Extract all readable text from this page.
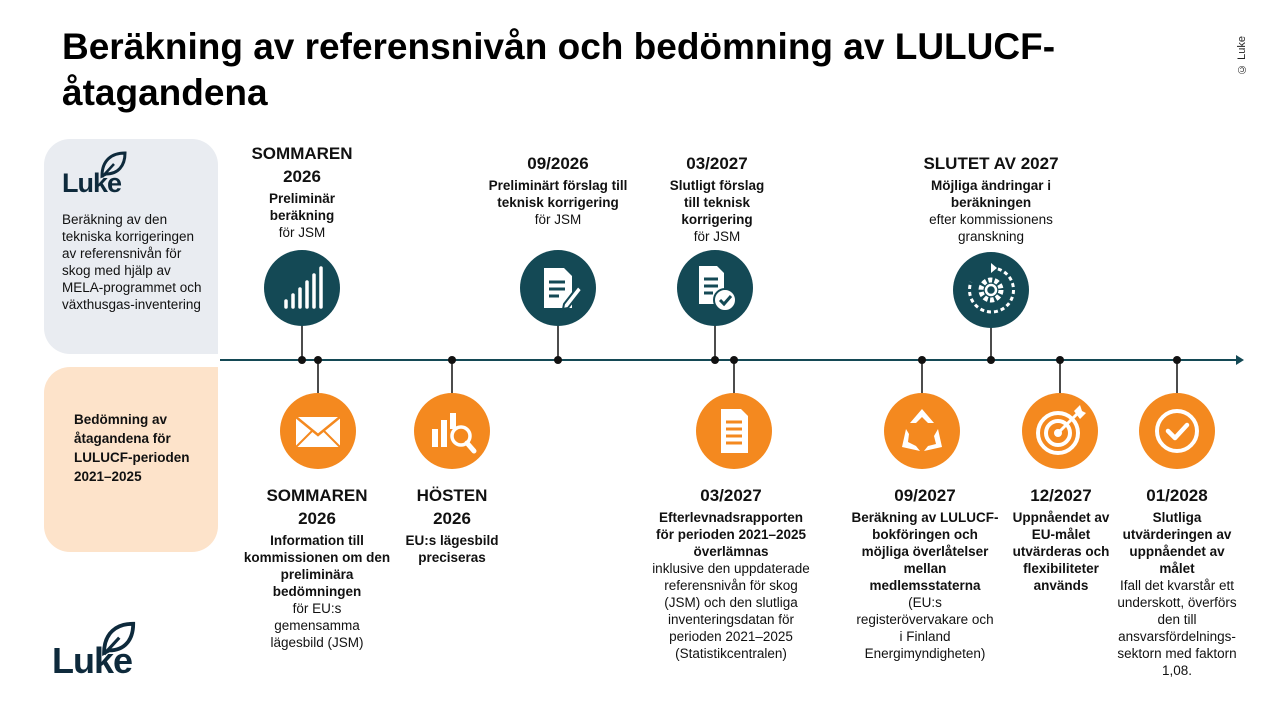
Beräkning av referensnivån och bedömning av LULUCF-åtagandena
© Luke
Luke
Beräkning av den tekniska korrigeringen av referensnivån för skog med hjälp av MELA-programmet och växthusgas-inventering
Bedömning av åtagandena för LULUCF-perioden 2021–2025
Luke
SOMMAREN 2026
Preliminär beräkning
för JSM
09/2026
Preliminärt förslag till teknisk korrigering
för JSM
03/2027
Slutligt förslag till teknisk korrigering
för JSM
SLUTET AV 2027
Möjliga ändringar i beräkningen
efter kommissionens granskning
SOMMAREN 2026
Information till kommissionen om den preliminära bedömningen
för EU:s gemensamma lägesbild (JSM)
HÖSTEN 2026
EU:s lägesbild preciseras
03/2027
Efterlevnadsrapporten för perioden 2021–2025 överlämnas
inklusive den uppdaterade referensnivån för skog (JSM) och den slutliga inventeringsdatan för perioden 2021–2025 (Statistikcentralen)
09/2027
Beräkning av LULUCF-bokföringen och möjliga överlåtelser mellan medlemsstaterna
(EU:s registerövervakare och i Finland Energimyndigheten)
12/2027
Uppnåendet av EU-målet utvärderas och flexibiliteter används
01/2028
Slutliga utvärderingen av uppnåendet av målet
Ifall det kvarstår ett underskott, överförs den till ansvarsfördelnings-sektorn med faktorn 1,08.
